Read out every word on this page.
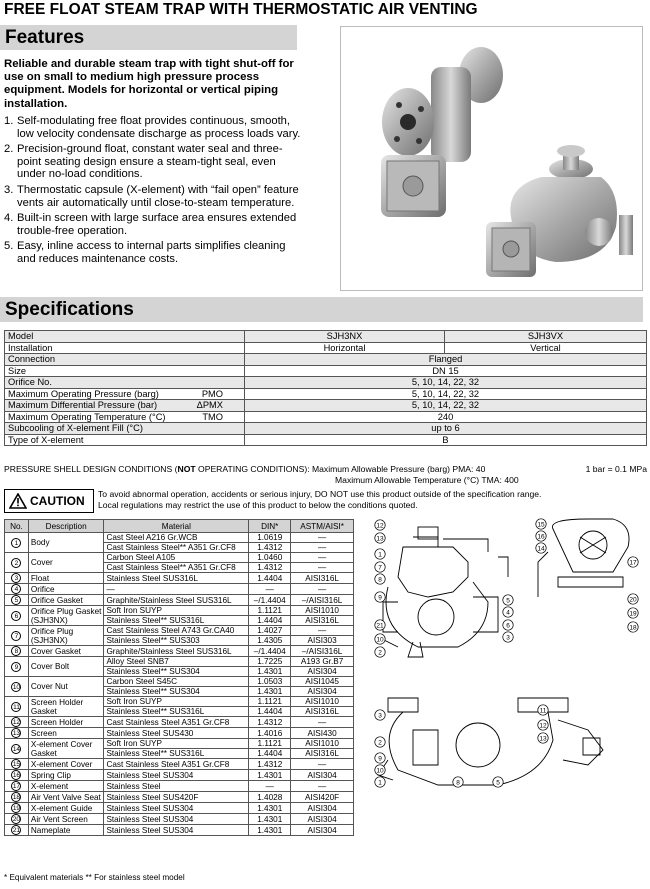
FREE FLOAT STEAM TRAP WITH THERMOSTATIC AIR VENTING
Features
Reliable and durable steam trap with tight shut-off for use on small to medium high pressure process equipment. Models for horizontal or vertical piping installation.
1. Self-modulating free float provides continuous, smooth, low velocity condensate discharge as process loads vary.
2. Precision-ground float, constant water seal and three-point seating design ensure a steam-tight seal, even under no-load conditions.
3. Thermostatic capsule (X-element) with “fail open” feature vents air automatically until close-to-steam temperature.
4. Built-in screen with large surface area ensures extended trouble-free operation.
5. Easy, inline access to internal parts simplifies cleaning and reduces maintenance costs.
Specifications
Model	SJH3NX	SJH3VX
Installation	Horizontal	Vertical

Connection	Flanged	

Size	DN 15	

Orifice No.	5, 10, 14, 22, 32	

Maximum Operating Pressure (barg) PMO	5, 10, 14, 22, 32	

Maximum Differential Pressure (bar) ΔPMX	5, 10, 14, 22, 32	

Maximum Operating Temperature (°C) TMO	240	

Subcooling of X-element Fill (°C)	up to 6	

Type of X-element	B	
PRESSURE SHELL DESIGN CONDITIONS (NOT OPERATING CONDITIONS): Maximum Allowable Pressure (barg) PMA: 40
Maximum Allowable Temperature (°C) TMA: 400
1 bar = 0.1 MPa
CAUTION To avoid abnormal operation, accidents or serious injury, DO NOT use this product outside of the specification range.
Local regulations may restrict the use of this product to below the conditions quoted.
No.	Description	Material	DIN*	ASTM/AISI*
1	Body	Cast Steel A216 Gr.WCB	1.0619	—
		Cast Stainless Steel** A351 Gr.CF8	1.4312	—
2	Cover	Carbon Steel A105	1.0460	—
		Cast Stainless Steel** A351 Gr.CF8	1.4312	—
3	Float	Stainless Steel SUS316L	1.4404	AISI316L
4	Orifice	—	—	—
5	Orifice Gasket	Graphite/Stainless Steel SUS316L	–/1.4404	–/AISI316L
6	Orifice Plug Gasket (SJH3NX)	Soft Iron SUYP	1.1121	AISI1010
		Stainless Steel** SUS316L	1.4404	AISI316L
7	Orifice Plug (SJH3NX)	Cast Stainless Steel A743 Gr.CA40	1.4027	—
		Stainless Steel** SUS303	1.4305	AISI303
8	Cover Gasket	Graphite/Stainless Steel SUS316L	–/1.4404	–/AISI316L
9	Cover Bolt	Alloy Steel SNB7	1.7225	A193 Gr.B7
		Stainless Steel** SUS304	1.4301	AISI304
10	Cover Nut	Carbon Steel S45C	1.0503	AISI1045
		Stainless Steel** SUS304	1.4301	AISI304
11	Screen Holder Gasket	Soft Iron SUYP	1.1121	AISI1010
		Stainless Steel** SUS316L	1.4404	AISI316L
12	Screen Holder	Cast Stainless Steel A351 Gr.CF8	1.4312	—
13	Screen	Stainless Steel SUS430	1.4016	AISI430
14	X-element Cover Gasket	Soft Iron SUYP	1.1121	AISI1010
		Stainless Steel** SUS316L	1.4404	AISI316L
15	X-element Cover	Cast Stainless Steel A351 Gr.CF8	1.4312	—
16	Spring Clip	Stainless Steel SUS304	1.4301	AISI304
17	X-element	Stainless Steel	—	—
18	Air Vent Valve Seat	Stainless Steel SUS420F	1.4028	AISI420F
19	X-element Guide	Stainless Steel SUS304	1.4301	AISI304
20	Air Vent Screen	Stainless Steel SUS304	1.4301	AISI304
21	Nameplate	Stainless Steel SUS304	1.4301	AISI304
* Equivalent materials ** For stainless steel model
12
13
1
7
8
9
21
10
2
5
4
6
3
15
16
14
17
20
19
18
3
11
12
13
2
9
10
1	8	5
